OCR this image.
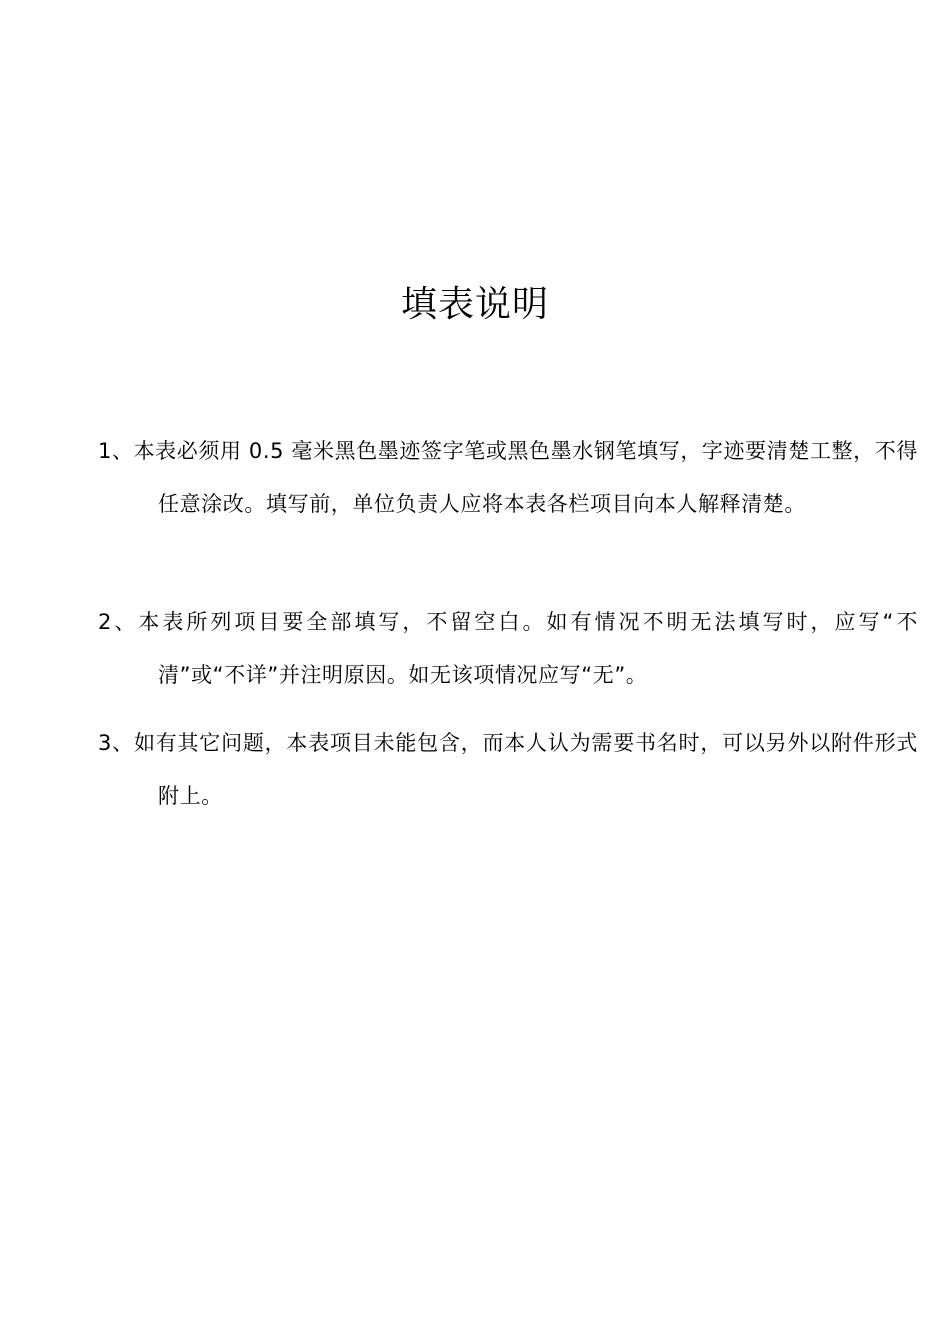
填表说明
1、本表必须用 0.5 毫米黑色墨迹签字笔或黑色墨水钢笔填写，字迹要清楚工整，不得任意涂改。填写前，单位负责人应将本表各栏项目向本人解释清楚。
2、本表所列项目要全部填写，不留空白。如有情况不明无法填写时，应写“不清”或“不详”并注明原因。如无该项情况应写“无”。
3、如有其它问题，本表项目未能包含，而本人认为需要书名时，可以另外以附件形式附上。
